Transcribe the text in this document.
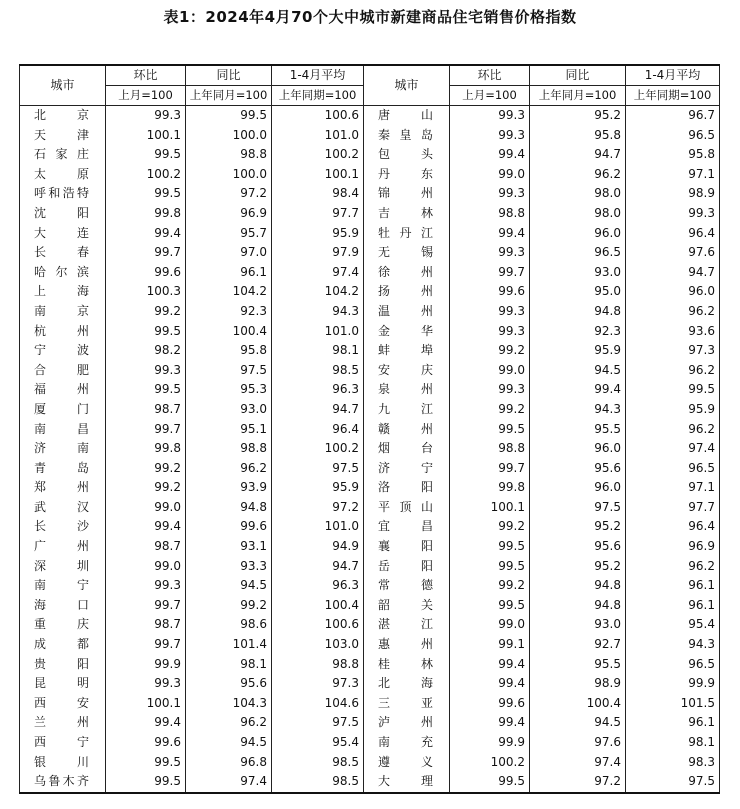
表1：2024年4月70个大中城市新建商品住宅销售价格指数
城市	环比	同比	1-4月平均	城市	环比	同比	1-4月平均
	上月=100	上年同月=100	上年同期=100		上月=100	上年同月=100	上年同期=100
北　京	99.3	99.5	100.6	唐　山	99.3	95.2	96.7
天　津	100.1	100.0	101.0	秦皇岛	99.3	95.8	96.5
石家庄	99.5	98.8	100.2	包　头	99.4	94.7	95.8
太　原	100.2	100.0	100.1	丹　东	99.0	96.2	97.1
呼和浩特	99.5	97.2	98.4	锦　州	99.3	98.0	98.9
沈　阳	99.8	96.9	97.7	吉　林	98.8	98.0	99.3
大　连	99.4	95.7	95.9	牡丹江	99.4	96.0	96.4
长　春	99.7	97.0	97.9	无　锡	99.3	96.5	97.6
哈尔滨	99.6	96.1	97.4	徐　州	99.7	93.0	94.7
上　海	100.3	104.2	104.2	扬　州	99.6	95.0	96.0
南　京	99.2	92.3	94.3	温　州	99.3	94.8	96.2
杭　州	99.5	100.4	101.0	金　华	99.3	92.3	93.6
宁　波	98.2	95.8	98.1	蚌　埠	99.2	95.9	97.3
合　肥	99.3	97.5	98.5	安　庆	99.0	94.5	96.2
福　州	99.5	95.3	96.3	泉　州	99.3	99.4	99.5
厦　门	98.7	93.0	94.7	九　江	99.2	94.3	95.9
南　昌	99.7	95.1	96.4	赣　州	99.5	95.5	96.2
济　南	99.8	98.8	100.2	烟　台	98.8	96.0	97.4
青　岛	99.2	96.2	97.5	济　宁	99.7	95.6	96.5
郑　州	99.2	93.9	95.9	洛　阳	99.8	96.0	97.1
武　汉	99.0	94.8	97.2	平顶山	100.1	97.5	97.7
长　沙	99.4	99.6	101.0	宜　昌	99.2	95.2	96.4
广　州	98.7	93.1	94.9	襄　阳	99.5	95.6	96.9
深　圳	99.0	93.3	94.7	岳　阳	99.5	95.2	96.2
南　宁	99.3	94.5	96.3	常　德	99.2	94.8	96.1
海　口	99.7	99.2	100.4	韶　关	99.5	94.8	96.1
重　庆	98.7	98.6	100.6	湛　江	99.0	93.0	95.4
成　都	99.7	101.4	103.0	惠　州	99.1	92.7	94.3
贵　阳	99.9	98.1	98.8	桂　林	99.4	95.5	96.5
昆　明	99.3	95.6	97.3	北　海	99.4	98.9	99.9
西　安	100.1	104.3	104.6	三　亚	99.6	100.4	101.5
兰　州	99.4	96.2	97.5	泸　州	99.4	94.5	96.1
西　宁	99.6	94.5	95.4	南　充	99.9	97.6	98.1
银　川	99.5	96.8	98.5	遵　义	100.2	97.4	98.3
乌鲁木齐	99.5	97.4	98.5	大　理	99.5	97.2	97.5
